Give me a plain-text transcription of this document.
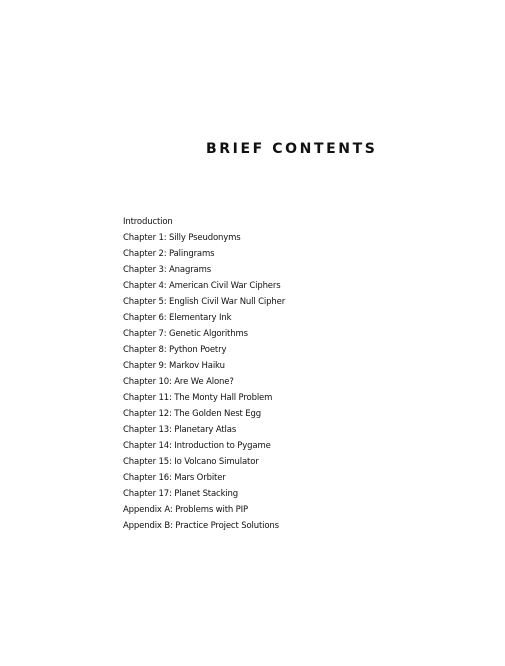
BRIEF CONTENTS
Introduction
Chapter 1: Silly Pseudonyms
Chapter 2: Palingrams
Chapter 3: Anagrams
Chapter 4: American Civil War Ciphers
Chapter 5: English Civil War Null Cipher
Chapter 6: Elementary Ink
Chapter 7: Genetic Algorithms
Chapter 8: Python Poetry
Chapter 9: Markov Haiku
Chapter 10: Are We Alone?
Chapter 11: The Monty Hall Problem
Chapter 12: The Golden Nest Egg
Chapter 13: Planetary Atlas
Chapter 14: Introduction to Pygame
Chapter 15: Io Volcano Simulator
Chapter 16: Mars Orbiter
Chapter 17: Planet Stacking
Appendix A: Problems with PIP
Appendix B: Practice Project Solutions
